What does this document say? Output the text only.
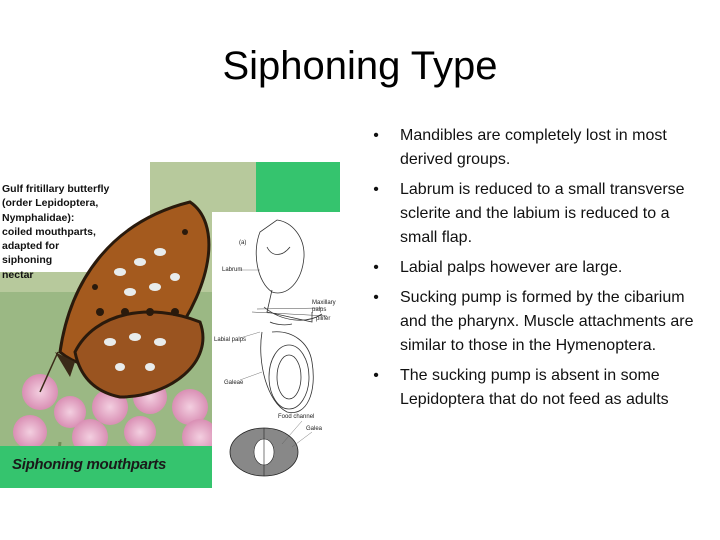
Siphoning Type
Gulf fritillary butterfly
(order Lepidoptera,
Nymphalidae):
coiled mouthparts,
adapted for
siphoning
nectar
Siphoning mouthparts
(a)
Labrum
Maxillary
palps
pilifer
Labial palps
Galeae
Food channel
Galea
•	Mandibles are completely lost in most derived groups.
•	Labrum is reduced to a small transverse sclerite and the labium is reduced to a small flap.
•	Labial palps however are large.
•	Sucking pump is formed by the cibarium and the pharynx. Muscle attachments are similar to those in the Hymenoptera.
•	The sucking pump is absent in some Lepidoptera that do not feed as adults
